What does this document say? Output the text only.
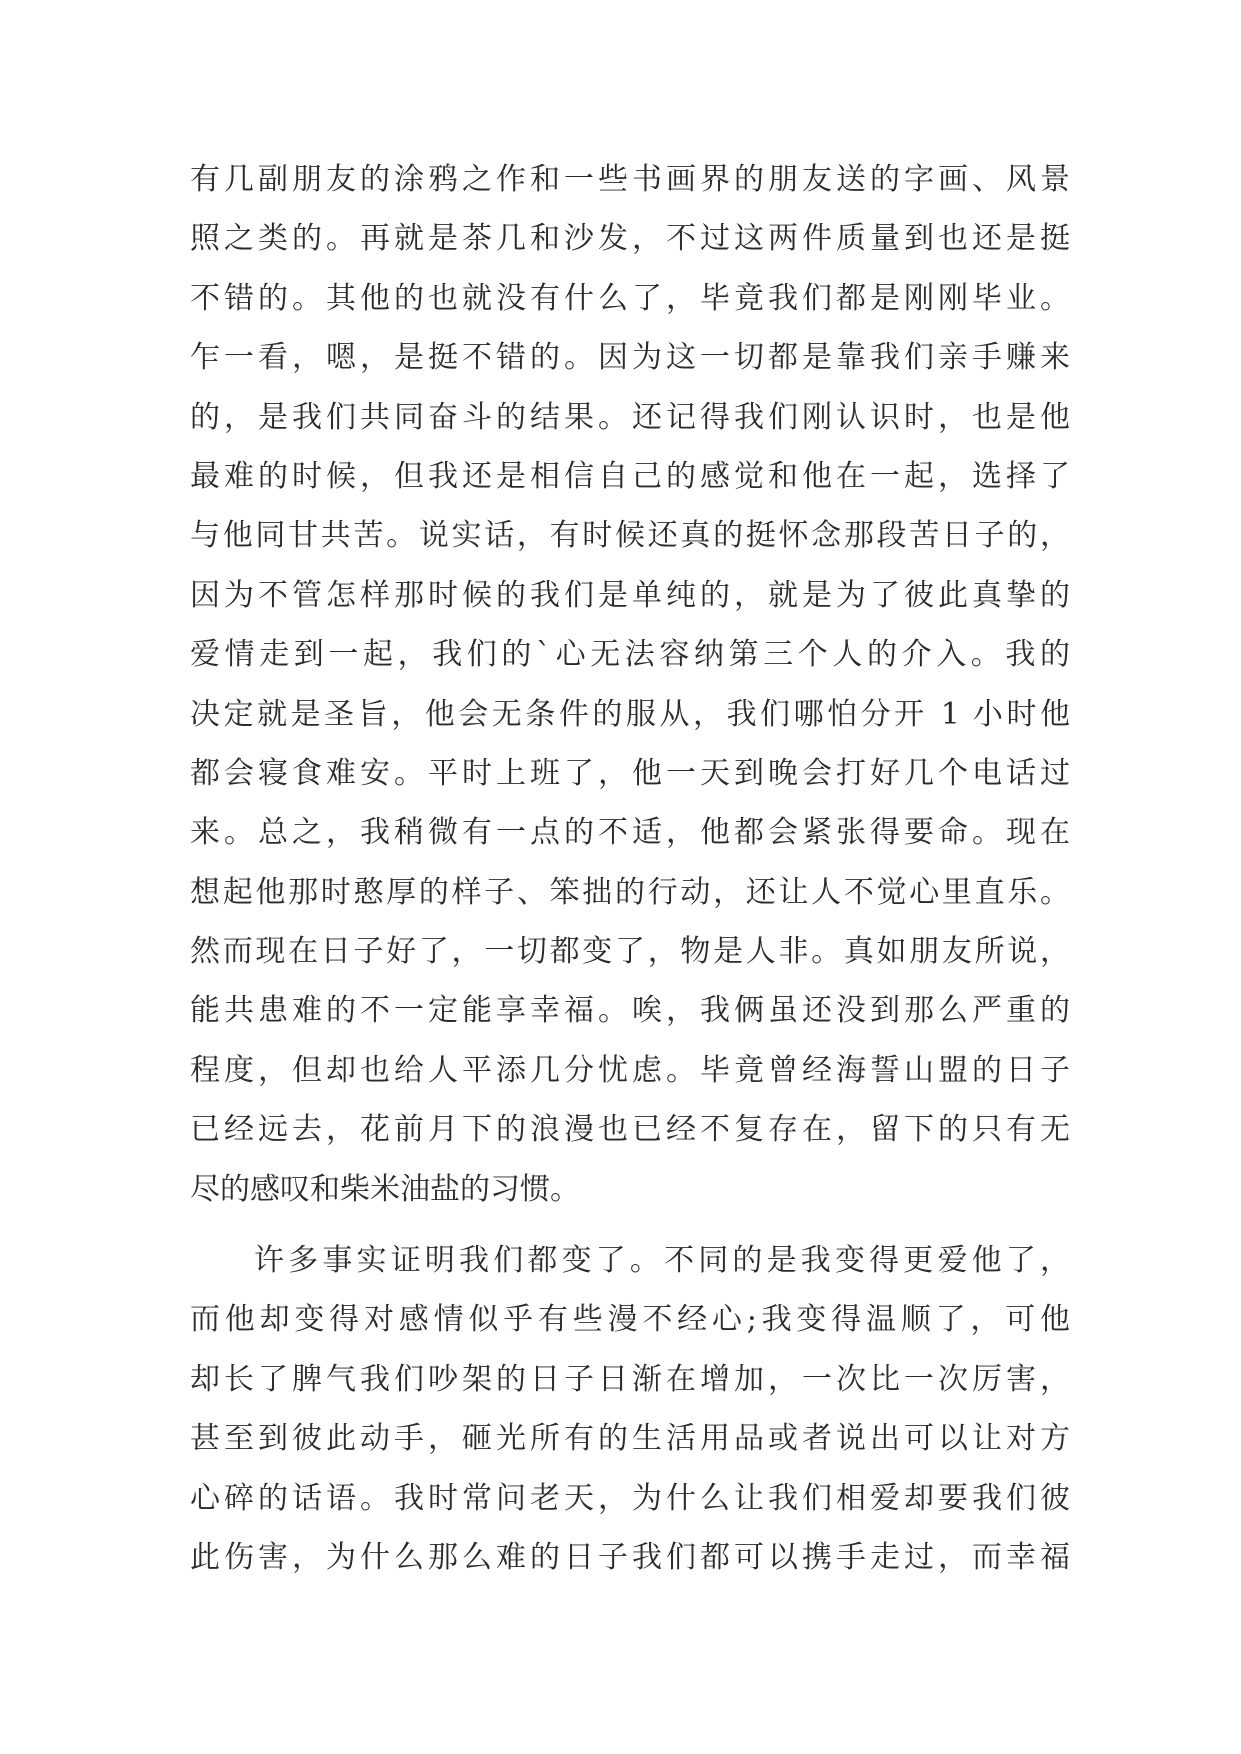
有几副朋友的涂鸦之作和一些书画界的朋友送的字画、风景
照之类的。再就是茶几和沙发，不过这两件质量到也还是挺
不错的。其他的也就没有什么了，毕竟我们都是刚刚毕业。
乍一看，嗯，是挺不错的。因为这一切都是靠我们亲手赚来
的，是我们共同奋斗的结果。还记得我们刚认识时，也是他
最难的时候，但我还是相信自己的感觉和他在一起，选择了
与他同甘共苦。说实话，有时候还真的挺怀念那段苦日子的，
因为不管怎样那时候的我们是单纯的，就是为了彼此真挚的
爱情走到一起，我们的`心无法容纳第三个人的介入。我的
决定就是圣旨，他会无条件的服从，我们哪怕分开 1 小时他
都会寝食难安。平时上班了，他一天到晚会打好几个电话过
来。总之，我稍微有一点的不适，他都会紧张得要命。现在
想起他那时憨厚的样子、笨拙的行动，还让人不觉心里直乐。
然而现在日子好了，一切都变了，物是人非。真如朋友所说，
能共患难的不一定能享幸福。唉，我俩虽还没到那么严重的
程度，但却也给人平添几分忧虑。毕竟曾经海誓山盟的日子
已经远去，花前月下的浪漫也已经不复存在，留下的只有无
尽的感叹和柴米油盐的习惯。
许多事实证明我们都变了。不同的是我变得更爱他了，
而他却变得对感情似乎有些漫不经心;我变得温顺了，可他
却长了脾气我们吵架的日子日渐在增加，一次比一次厉害，
甚至到彼此动手，砸光所有的生活用品或者说出可以让对方
心碎的话语。我时常问老天，为什么让我们相爱却要我们彼
此伤害，为什么那么难的日子我们都可以携手走过，而幸福
